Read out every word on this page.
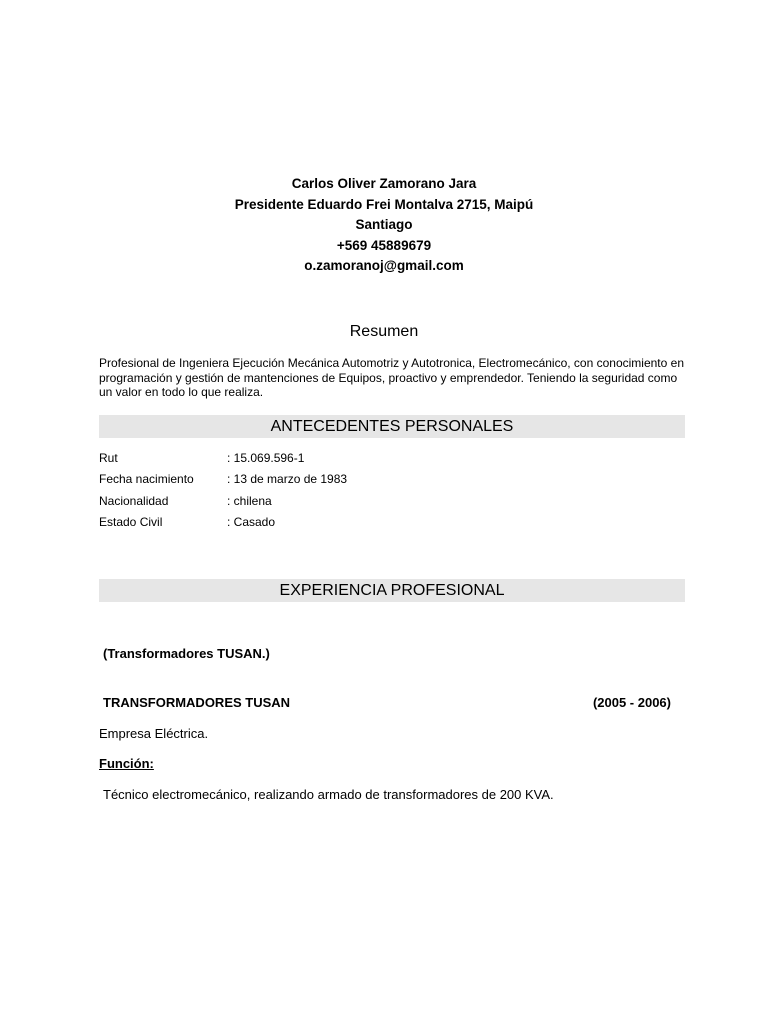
Carlos Oliver Zamorano Jara
Presidente Eduardo Frei Montalva 2715, Maipú
Santiago
+569 45889679
o.zamoranoj@gmail.com
Resumen
Profesional de Ingeniera Ejecución Mecánica Automotriz y Autotronica, Electromecánico, con conocimiento en programación y gestión de mantenciones de Equipos, proactivo y emprendedor. Teniendo la seguridad como un valor en todo lo que realiza.
ANTECEDENTES PERSONALES
Rut	: 15.069.596-1
Fecha nacimiento	: 13 de marzo de 1983
Nacionalidad	: chilena
Estado Civil	: Casado
EXPERIENCIA PROFESIONAL
(Transformadores TUSAN.)
TRANSFORMADORES TUSAN	(2005 - 2006)
Empresa Eléctrica.
Función:
Técnico electromecánico, realizando armado de transformadores de 200 KVA.
